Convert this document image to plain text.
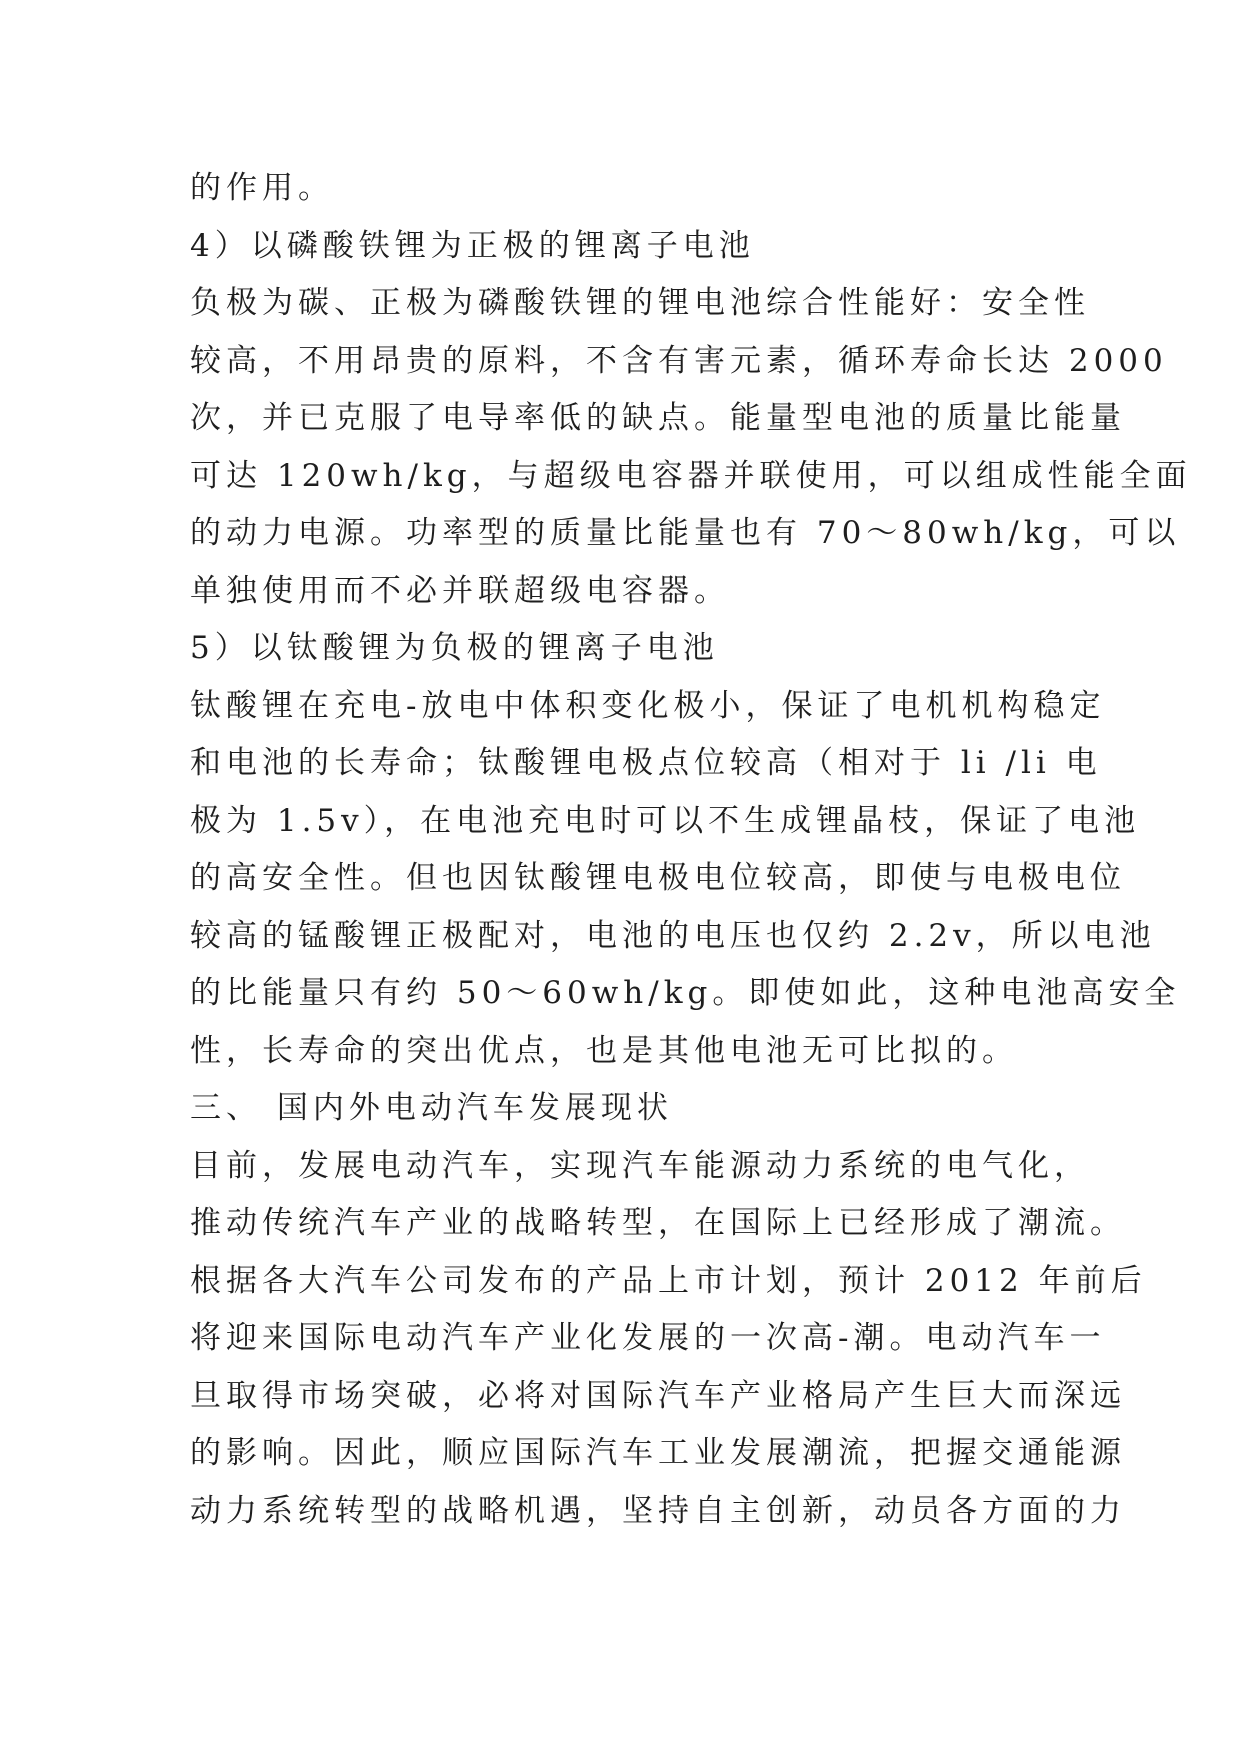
的作用。
4）以磷酸铁锂为正极的锂离子电池
负极为碳、正极为磷酸铁锂的锂电池综合性能好：安全性
较高，不用昂贵的原料，不含有害元素，循环寿命长达 2000
次，并已克服了电导率低的缺点。能量型电池的质量比能量
可达 120wh/kg，与超级电容器并联使用，可以组成性能全面
的动力电源。功率型的质量比能量也有 70～80wh/kg，可以
单独使用而不必并联超级电容器。
5）以钛酸锂为负极的锂离子电池
钛酸锂在充电-放电中体积变化极小，保证了电机机构稳定
和电池的长寿命；钛酸锂电极点位较高（相对于 li /li 电
极为 1.5v），在电池充电时可以不生成锂晶枝，保证了电池
的高安全性。但也因钛酸锂电极电位较高，即使与电极电位
较高的锰酸锂正极配对，电池的电压也仅约 2.2v，所以电池
的比能量只有约 50～60wh/kg。即使如此，这种电池高安全
性，长寿命的突出优点，也是其他电池无可比拟的。
三、 国内外电动汽车发展现状
目前，发展电动汽车，实现汽车能源动力系统的电气化，
推动传统汽车产业的战略转型，在国际上已经形成了潮流。
根据各大汽车公司发布的产品上市计划，预计 2012 年前后
将迎来国际电动汽车产业化发展的一次高-潮。电动汽车一
旦取得市场突破，必将对国际汽车产业格局产生巨大而深远
的影响。因此，顺应国际汽车工业发展潮流，把握交通能源
动力系统转型的战略机遇，坚持自主创新，动员各方面的力
